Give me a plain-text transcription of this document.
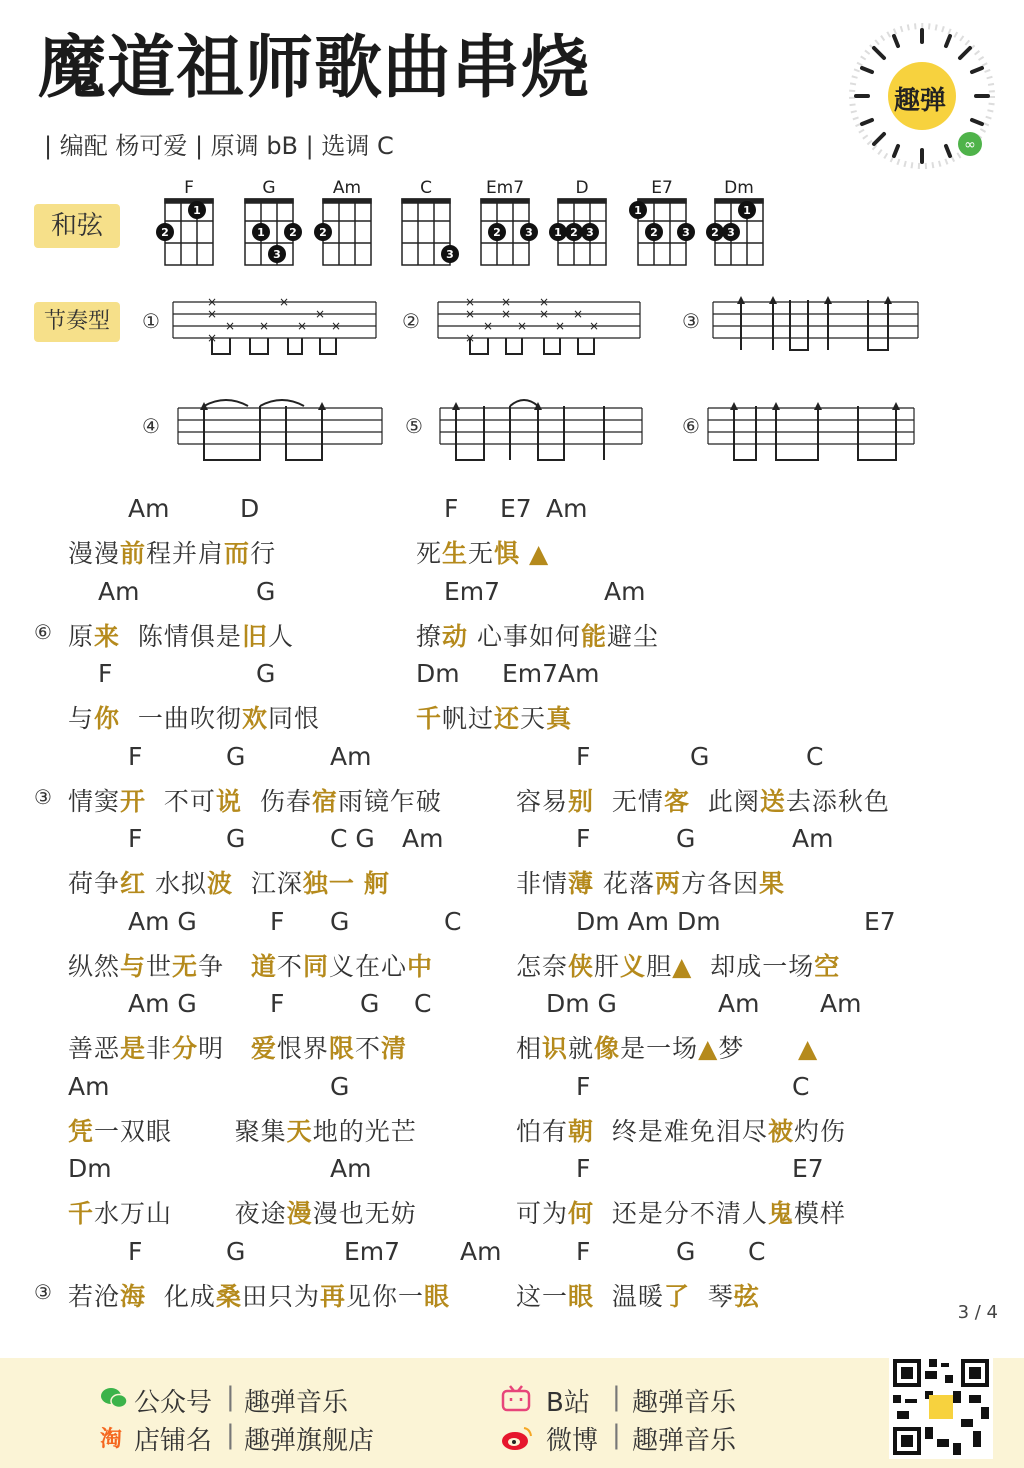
魔道祖师歌曲串烧
| 编配 杨可爱 | 原调 bB | 选调 C	∞
趣弹
和弦
F	G	Am	C	Em7	D	E7	Dm
1
2	1 2
3
2
3
2 3 1 2 3
1
2 3
1
2 3
节奏型	①	②	③
④	⑤	⑥
×
×
×
× ×
×
×
×
×
×
×
×
×
×
×
×
×
×
×
×
×
Am	D	F E7 Am
漫漫前程并肩而行	死生无惧 ▲
⑥
Am	G	Em7	Am
原来  陈情俱是旧人	撩动 心事如何能避尘
F	G	Dm Em7Am
与你  一曲吹彻欢同恨	千帆过还天真
③
F	G	Am	F	G	C
情窦开  不可说  伤春宿雨镜乍破	容易别  无情客  此阕送去添秋色
F	G	C G Am	F	G	Am
荷争红 水拟波  江深独一 舸	非情薄 花落两方各因果
Am G	F G	C	Dm Am Dm	E7
纵然与世无争   道不同义在心中	怎奈侠肝义胆▲  却成一场空
Am G	F	G C	Dm G	Am Am
善恶是非分明   爱恨界限不清	相识就像是一场▲梦      ▲
Am	G	F	C
凭一双眼       聚集天地的光芒	怕有朝  终是难免泪尽被灼伤
Dm	Am	F	E7
千水万山       夜途漫漫也无妨	可为何  还是分不清人鬼模样
③
F	G	Em7 Am	F	G C
若沧海  化成桑田只为再见你一眼	这一眼  温暖了  琴弦
3 / 4
公众号 趣弹音乐
|
淘 店铺名 | 趣弹旗舰店
B站 | 趣弹音乐
微博 | 趣弹音乐
